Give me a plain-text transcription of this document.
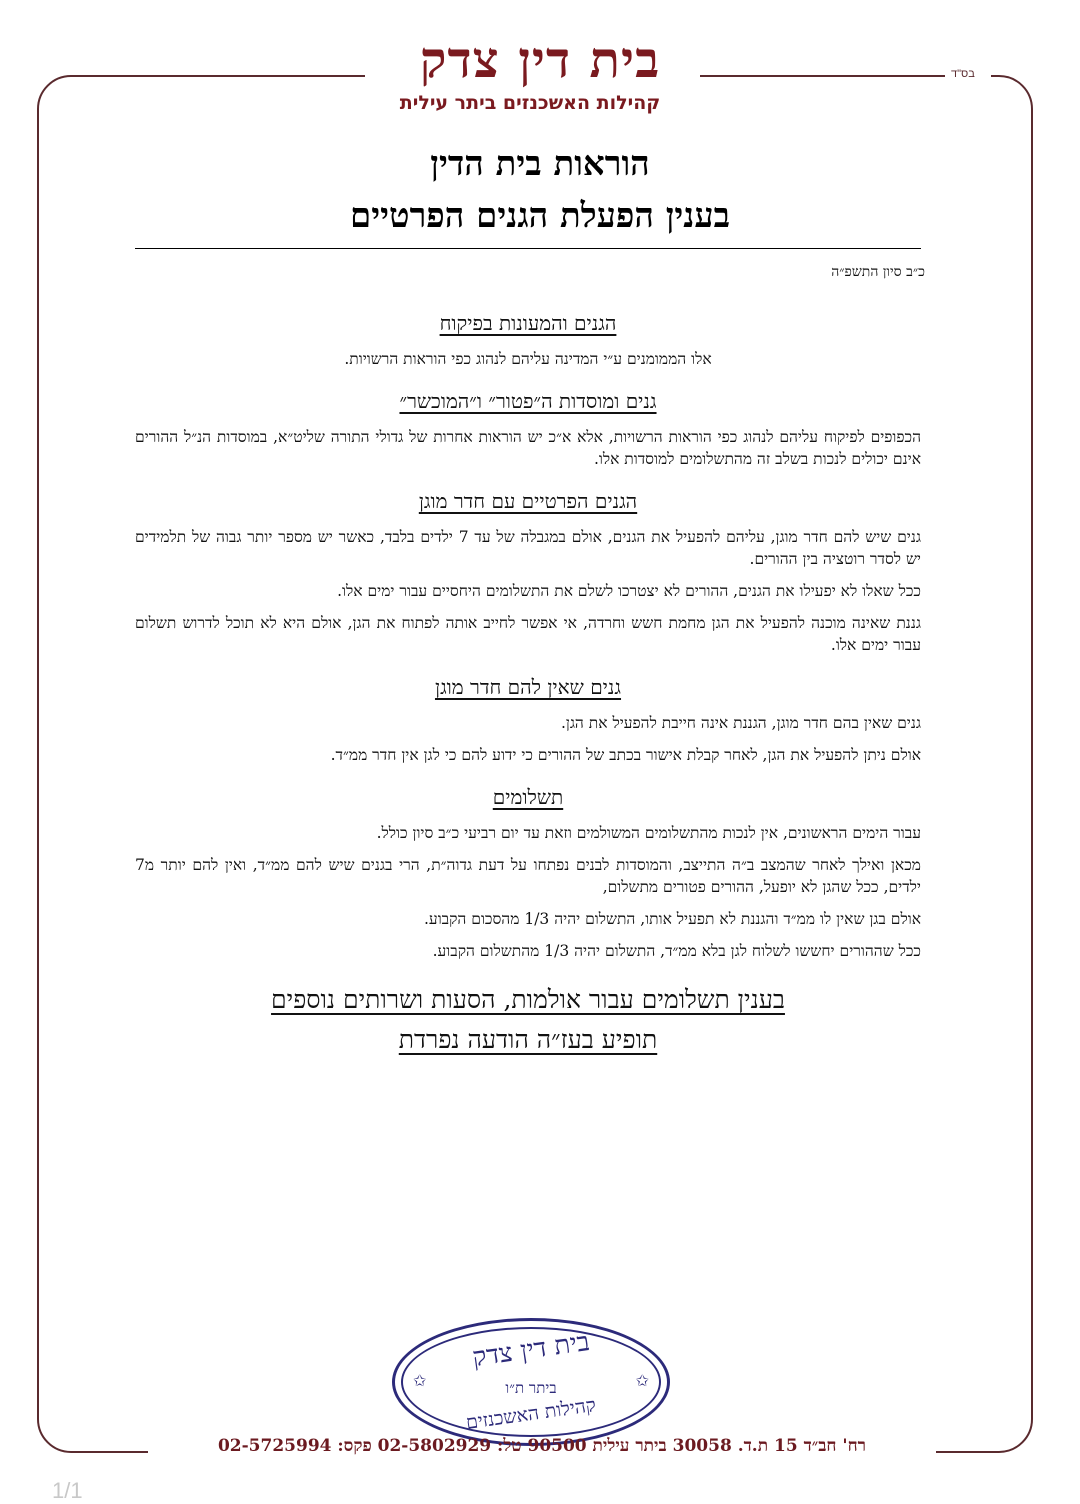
בס"ד
בית דין צדק
קהילות האשכנזים ביתר עילית
הוראות בית הדין
בענין הפעלת הגנים הפרטיים
כ״ב סיון התשפ״ה
הגנים והמעונות בפיקוח
אלו הממומנים ע״י המדינה עליהם לנהוג כפי הוראות הרשויות.
גנים ומוסדות ה״פטור״ ו״המוכשר״
הכפופים לפיקוח עליהם לנהוג כפי הוראות הרשויות, אלא א״כ יש הוראות אחרות של גדולי התורה שליט״א, במוסדות הנ״ל ההורים אינם יכולים לנכות בשלב זה מהתשלומים למוסדות אלו.
הגנים הפרטיים עם חדר מוגן
גנים שיש להם חדר מוגן, עליהם להפעיל את הגנים, אולם במגבלה של עד 7 ילדים בלבד, כאשר יש מספר יותר גבוה של תלמידים יש לסדר רוטציה בין ההורים.
ככל שאלו לא יפעילו את הגנים, ההורים לא יצטרכו לשלם את התשלומים היחסיים עבור ימים אלו.
גננת שאינה מוכנה להפעיל את הגן מחמת חשש וחרדה, אי אפשר לחייב אותה לפתוח את הגן, אולם היא לא תוכל לדרוש תשלום עבור ימים אלו.
גנים שאין להם חדר מוגן
גנים שאין בהם חדר מוגן, הגננת אינה חייבת להפעיל את הגן.
אולם ניתן להפעיל את הגן, לאחר קבלת אישור בכתב של ההורים כי ידוע להם כי לגן אין חדר ממ״ד.
תשלומים
עבור הימים הראשונים, אין לנכות מהתשלומים המשולמים וזאת עד יום רביעי כ״ב סיון כולל.
מכאן ואילך לאחר שהמצב ב״ה התייצב, והמוסדות לבנים נפתחו על דעת גדוה״ת, הרי בגנים שיש להם ממ״ד, ואין להם יותר מ7 ילדים, ככל שהגן לא יופעל, ההורים פטורים מתשלום,
אולם בגן שאין לו ממ״ד והגננת לא תפעיל אותו, התשלום יהיה 1/3 מהסכום הקבוע.
ככל שההורים יחששו לשלוח לגן בלא ממ״ד, התשלום יהיה 1/3 מהתשלום הקבוע.
בענין תשלומים עבור אולמות, הסעות ושרותים נוספים
תופיע בעז״ה הודעה נפרדת
בית דין צדק
✩	✩
ביתר ת״ו
קהילות האשכנזים
רח' חב״ד 15 ת.ד. 30058 ביתר עילית 90500 טל: 02-5802929 פקס: 02-5725994
1/1
